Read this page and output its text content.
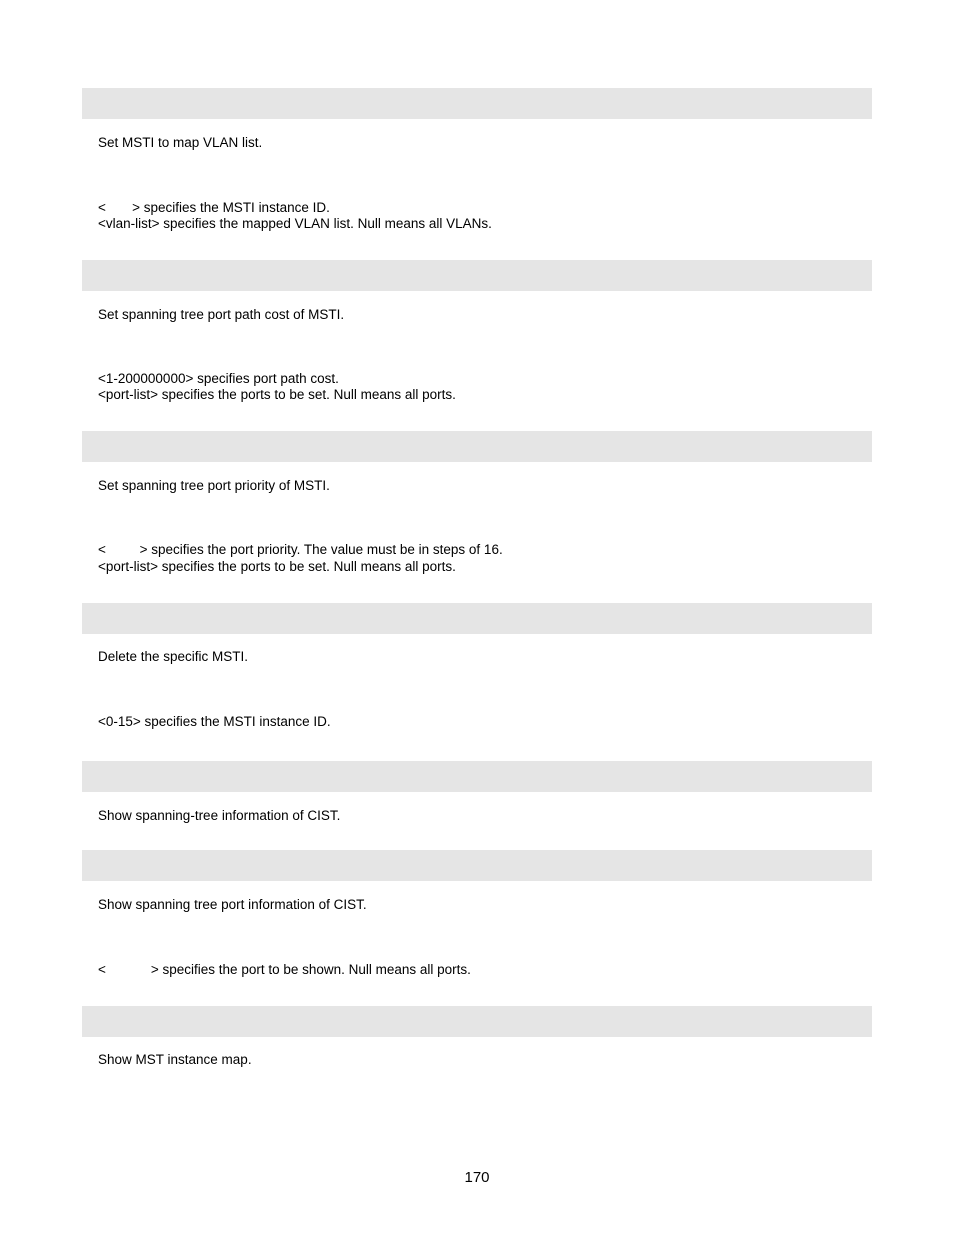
Set MSTI to map VLAN list.
<       > specifies the MSTI instance ID.
<vlan-list> specifies the mapped VLAN list. Null means all VLANs.
Set spanning tree port path cost of MSTI.
<1-200000000> specifies port path cost.
<port-list> specifies the ports to be set. Null means all ports.
Set spanning tree port priority of MSTI.
<         > specifies the port priority. The value must be in steps of 16.
<port-list> specifies the ports to be set. Null means all ports.
Delete the specific MSTI.
<0-15> specifies the MSTI instance ID.
Show spanning-tree information of CIST.
Show spanning tree port information of CIST.
<            > specifies the port to be shown. Null means all ports.
Show MST instance map.
170
